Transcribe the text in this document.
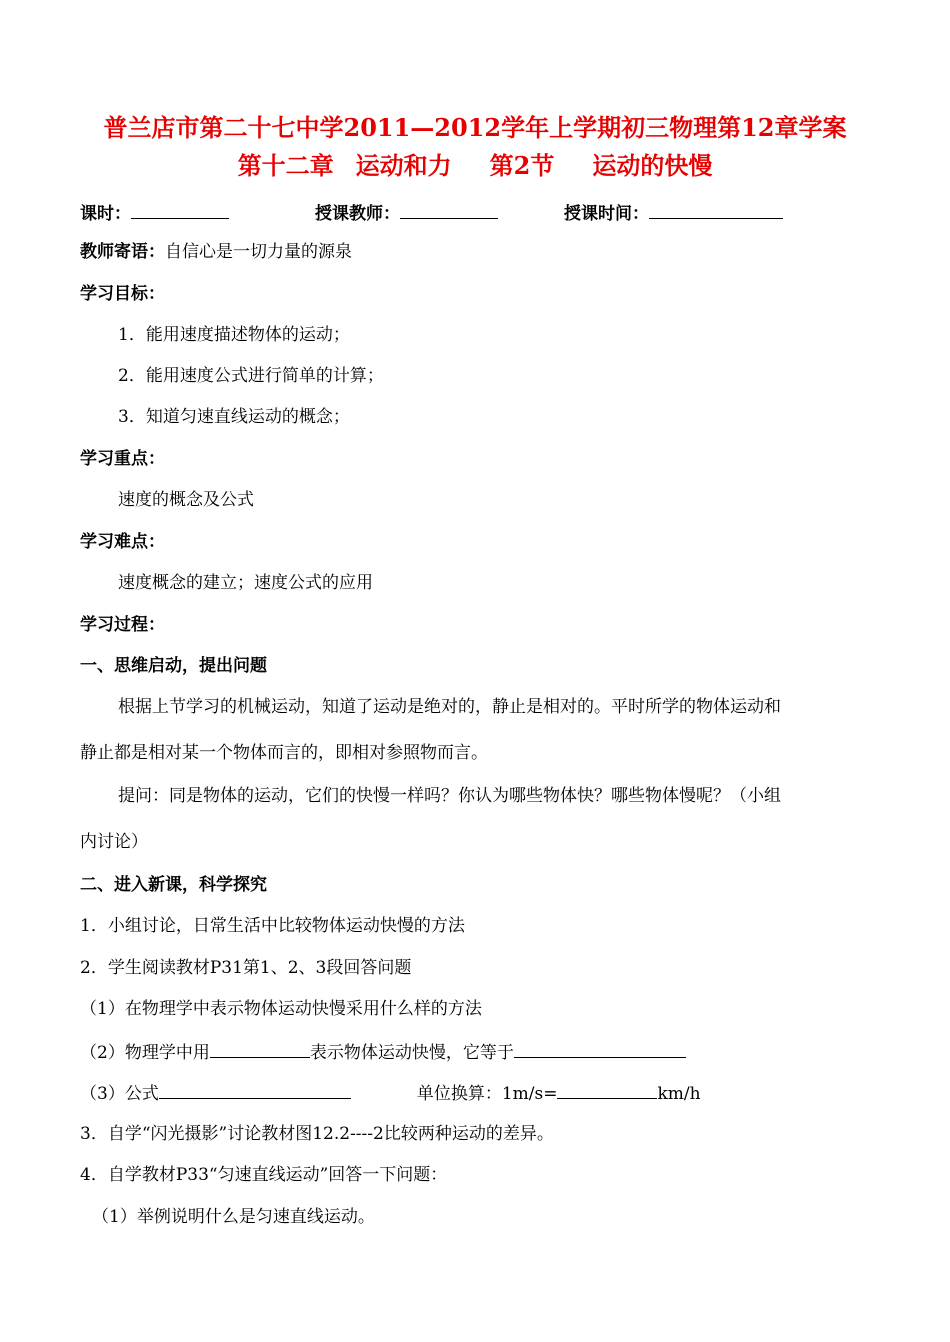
普兰店市第二十七中学2011—2012学年上学期初三物理第12章学案
第十二章 运动和力 第2节 运动的快慢
课时：	授课教师：	授课时间：
教师寄语：自信心是一切力量的源泉
学习目标：
1．能用速度描述物体的运动；
2．能用速度公式进行简单的计算；
3．知道匀速直线运动的概念；
学习重点：
速度的概念及公式
学习难点：
速度概念的建立；速度公式的应用
学习过程：
一、思维启动，提出问题
根据上节学习的机械运动，知道了运动是绝对的，静止是相对的。平时所学的物体运动和
静止都是相对某一个物体而言的，即相对参照物而言。
提问：同是物体的运动，它们的快慢一样吗？你认为哪些物体快？哪些物体慢呢？（小组
内讨论）
二、进入新课，科学探究
1．小组讨论，日常生活中比较物体运动快慢的方法
2．学生阅读教材P31第1、2、3段回答问题
（1）在物理学中表示物体运动快慢采用什么样的方法
（2）物理学中用	表示物体运动快慢，它等于
（3）公式	单位换算：1m/s=	km/h
3．自学“闪光摄影”讨论教材图12.2----2比较两种运动的差异。
4．自学教材P33“匀速直线运动”回答一下问题：
（1）举例说明什么是匀速直线运动。
